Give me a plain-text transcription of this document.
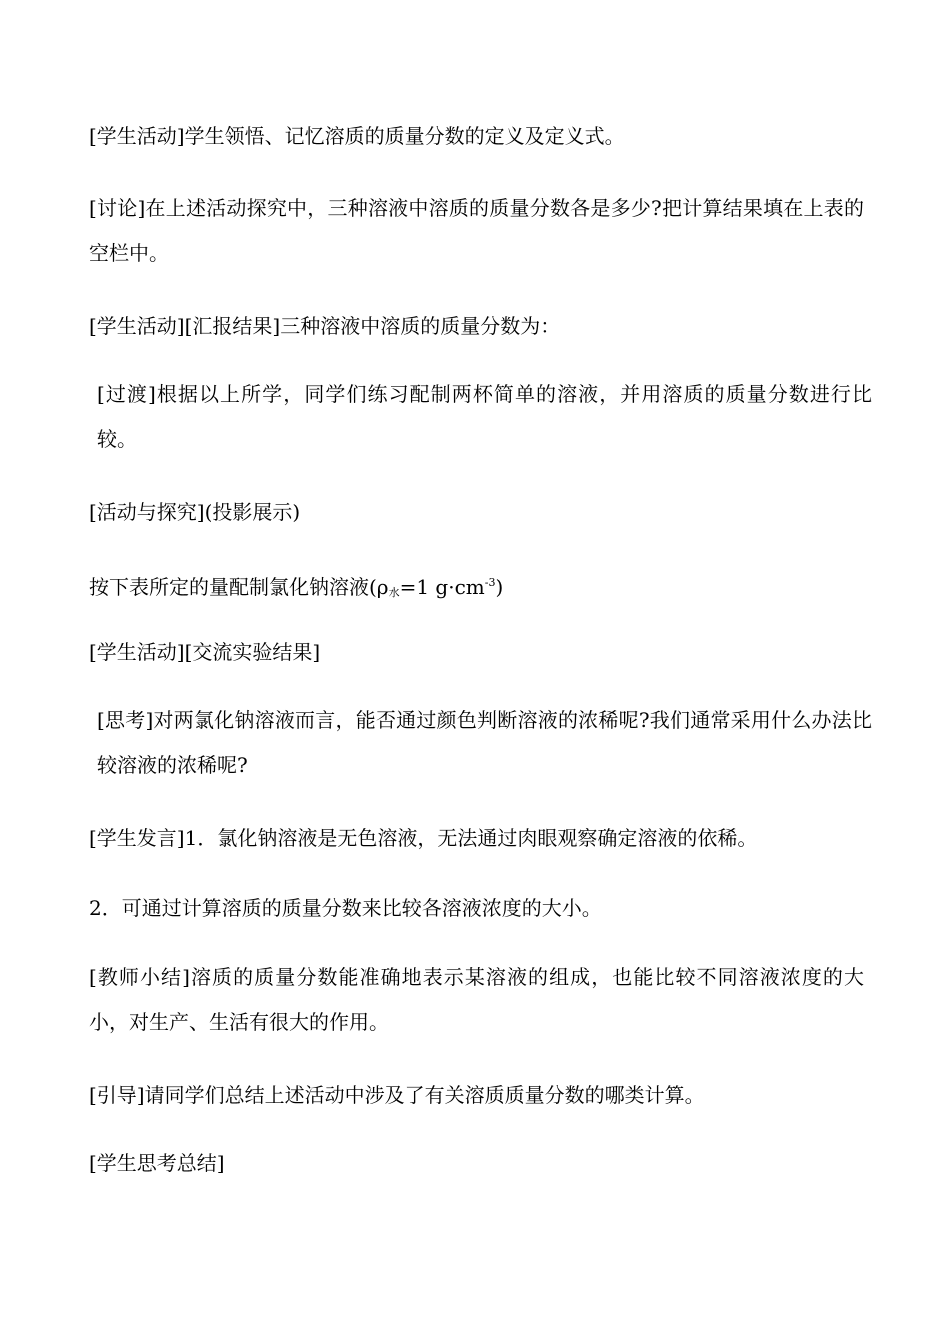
[学生活动]学生领悟、记忆溶质的质量分数的定义及定义式。

[讨论]在上述活动探究中，三种溶液中溶质的质量分数各是多少?把计算结果填在上表的空栏中。

[学生活动][汇报结果]三种溶液中溶质的质量分数为：

[过渡]根据以上所学，同学们练习配制两杯简单的溶液，并用溶质的质量分数进行比较。

[活动与探究](投影展示)

按下表所定的量配制氯化钠溶液(ρ水=1 $g\cdot cm^{-3}$)

[学生活动][交流实验结果]

[思考]对两氯化钠溶液而言，能否通过颜色判断溶液的浓稀呢?我们通常采用什么办法比较溶液的浓稀呢?

[学生发言]1．氯化钠溶液是无色溶液，无法通过肉眼观察确定溶液的依稀。

2．可通过计算溶质的质量分数来比较各溶液浓度的大小。

[教师小结]溶质的质量分数能准确地表示某溶液的组成，也能比较不同溶液浓度的大小，对生产、生活有很大的作用。

[引导]请同学们总结上述活动中涉及了有关溶质质量分数的哪类计算。

[学生思考总结]
